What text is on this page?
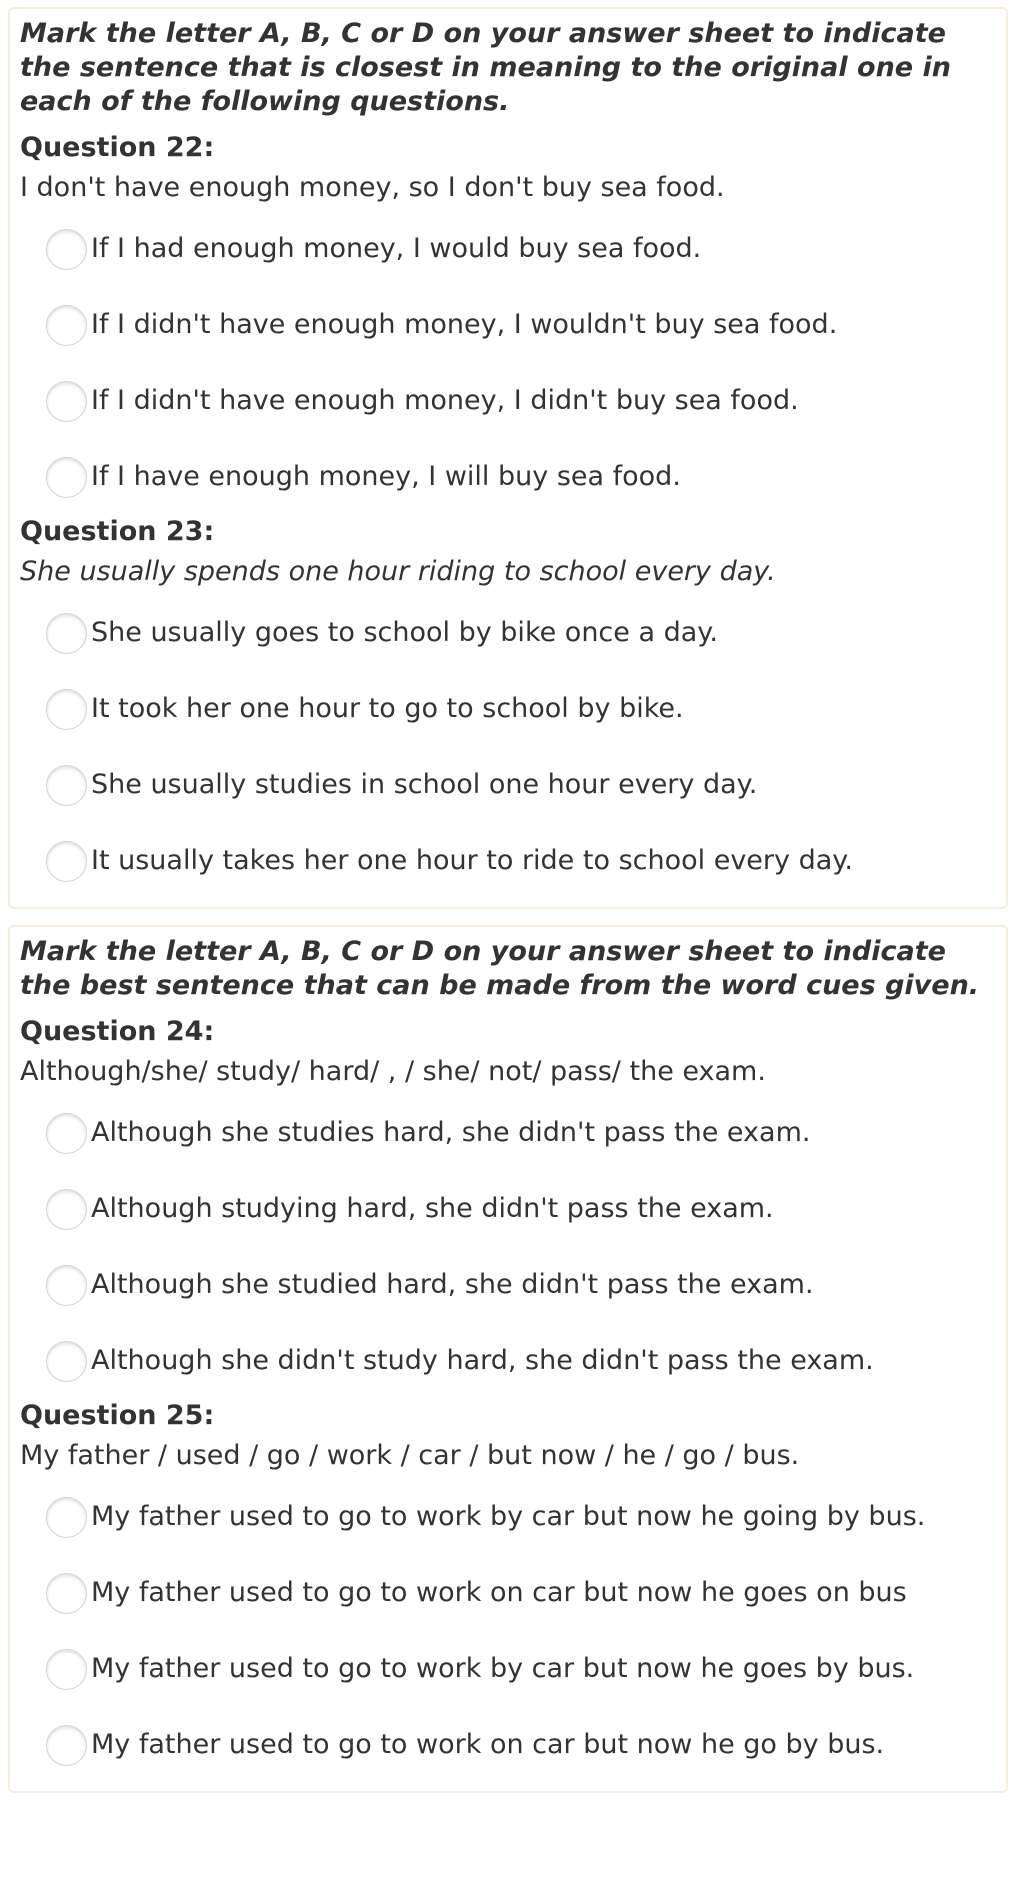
Mark the letter A, B, C or D on your answer sheet to indicate the sentence that is closest in meaning to the original one in each of the following questions.

Question 22:

I don't have enough money, so I don't buy sea food.

If I had enough money, I would buy sea food.
If I didn't have enough money, I wouldn't buy sea food.
If I didn't have enough money, I didn't buy sea food.
If I have enough money, I will buy sea food.

Question 23:

She usually spends one hour riding to school every day.

She usually goes to school by bike once a day.
It took her one hour to go to school by bike.
She usually studies in school one hour every day.
It usually takes her one hour to ride to school every day.

Mark the letter A, B, C or D on your answer sheet to indicate the best sentence that can be made from the word cues given.

Question 24:

Although/she/ study/ hard/ , / she/ not/ pass/ the exam.

Although she studies hard, she didn't pass the exam.
Although studying hard, she didn't pass the exam.
Although she studied hard, she didn't pass the exam.
Although she didn't study hard, she didn't pass the exam.

Question 25:

My father / used / go / work / car / but now / he / go / bus.

My father used to go to work by car but now he going by bus.
My father used to go to work on car but now he goes on bus
My father used to go to work by car but now he goes by bus.
My father used to go to work on car but now he go by bus.
